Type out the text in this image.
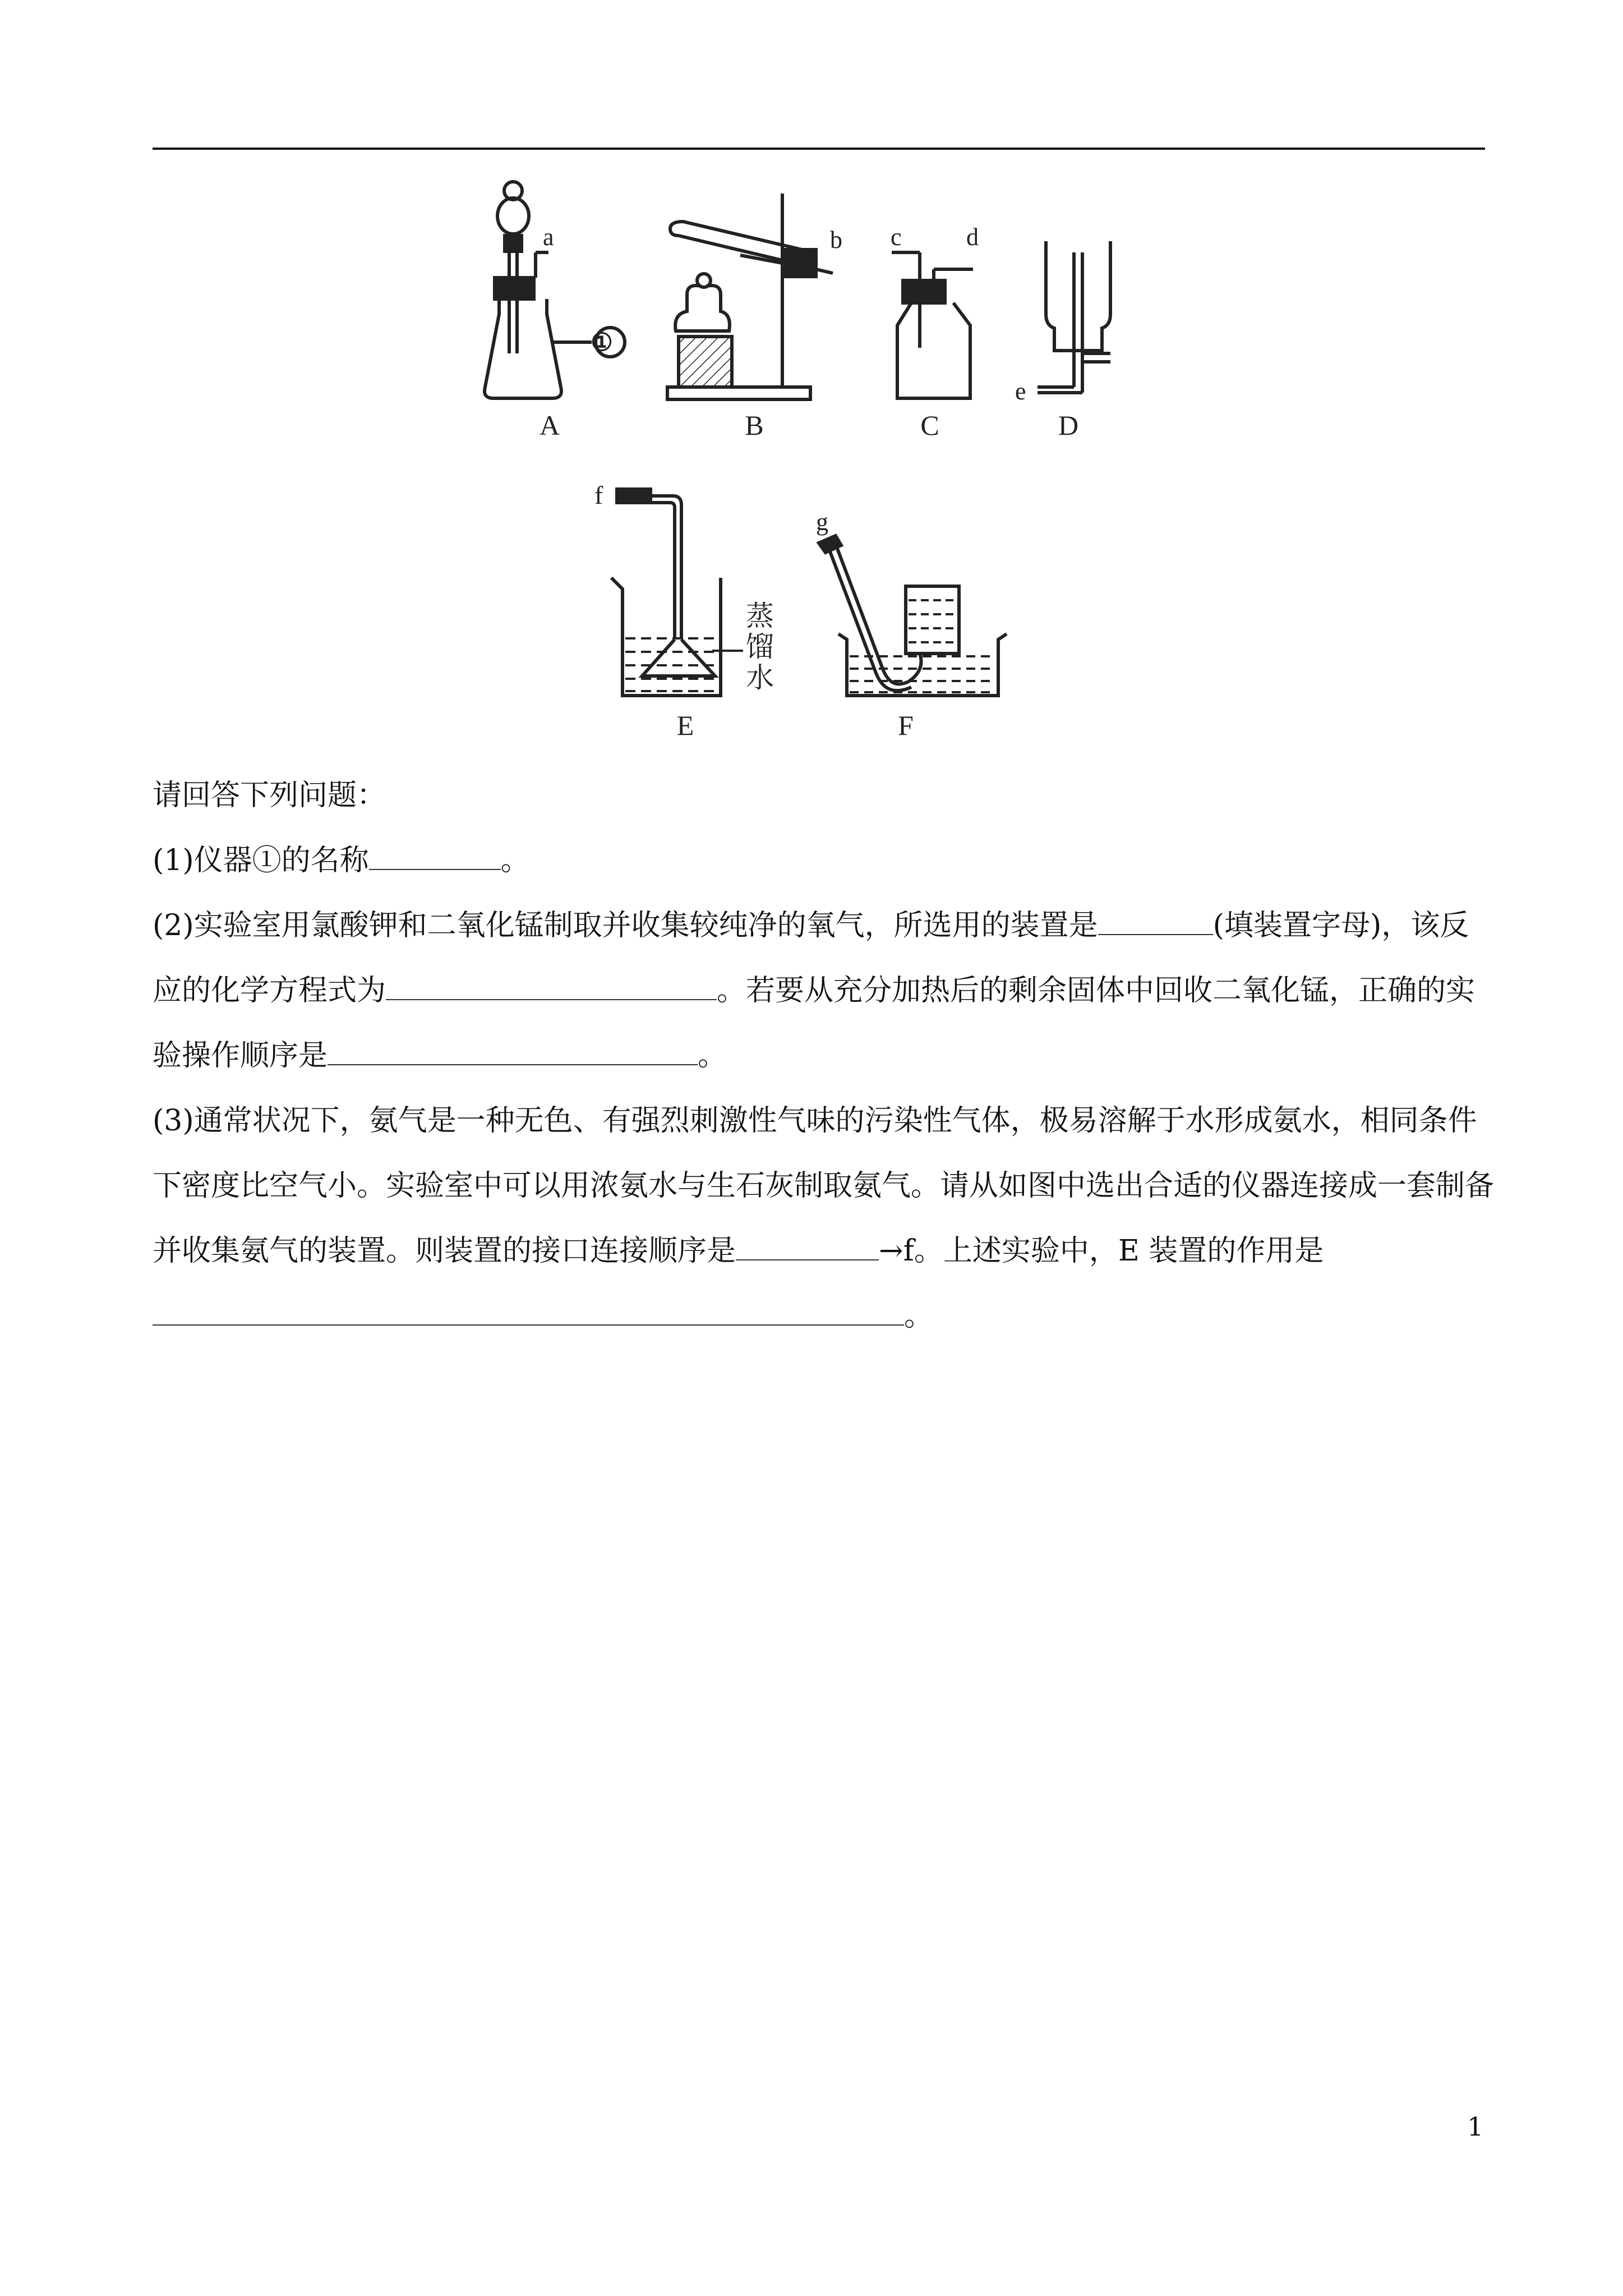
a
①
A
b
B
c	d
C
e
D
f
蒸
馏
水
E
g
F
请回答下列问题：
(1)仪器①的名称	。
(2)实验室用氯酸钾和二氧化锰制取并收集较纯净的氧气，所选用的装置是	(填装置字母)，该反
应的化学方程式为	。若要从充分加热后的剩余固体中回收二氧化锰，正确的实
验操作顺序是	。
(3)通常状况下，氨气是一种无色、有强烈刺激性气味的污染性气体，极易溶解于水形成氨水，相同条件
下密度比空气小。实验室中可以用浓氨水与生石灰制取氨气。请从如图中选出合适的仪器连接成一套制备
并收集氨气的装置。则装置的接口连接顺序是	→f。上述实验中，E 装置的作用是
。
1
